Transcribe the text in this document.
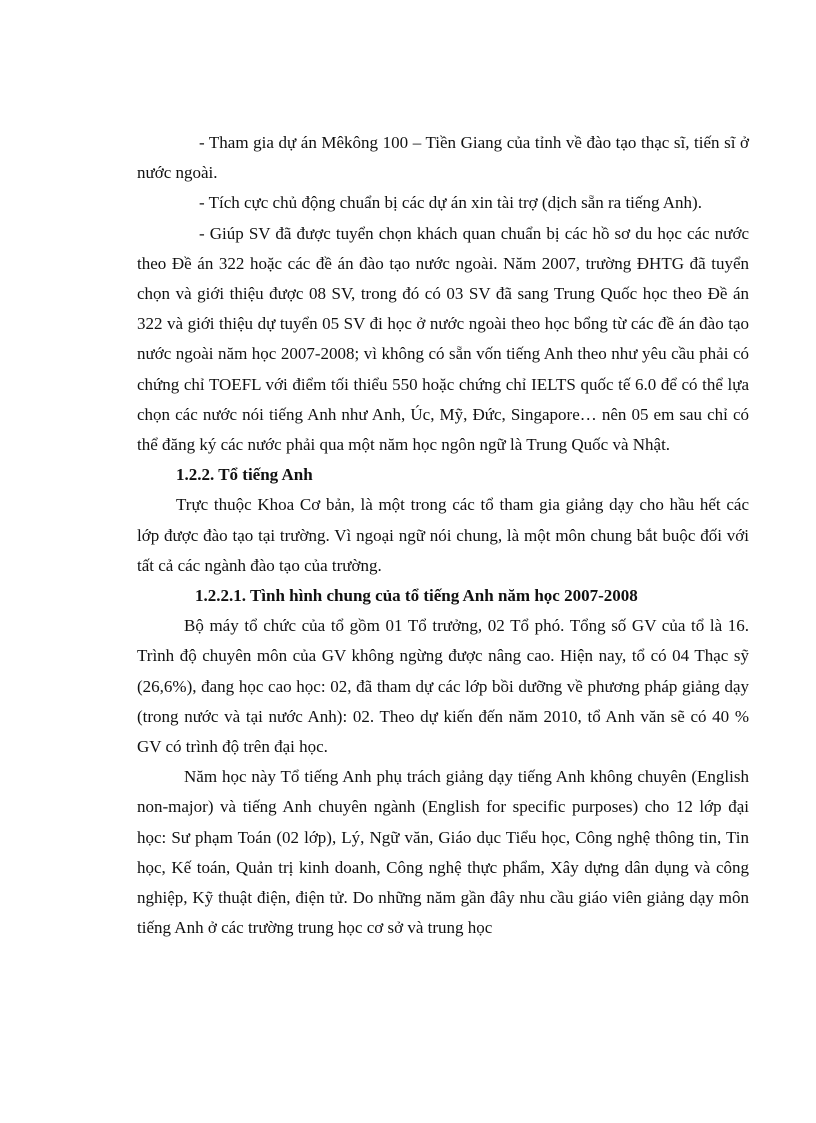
- Tham gia dự án Mêkông 100 – Tiền Giang của tỉnh về đào tạo thạc sĩ, tiến sĩ ở nước ngoài.

- Tích cực chủ động chuẩn bị các dự án xin tài trợ (dịch sẵn ra tiếng Anh).

- Giúp SV đã được tuyển chọn khách quan chuẩn bị các hồ sơ du học các nước theo Đề án 322 hoặc các đề án đào tạo nước ngoài. Năm 2007, trường ĐHTG đã tuyển chọn và giới thiệu được 08 SV, trong đó có 03 SV đã sang Trung Quốc học theo Đề án 322 và giới thiệu dự tuyển 05 SV đi học ở nước ngoài theo học bổng từ các đề án đào tạo nước ngoài năm học 2007-2008; vì không có sẵn vốn tiếng Anh theo như yêu cầu phải có chứng chỉ TOEFL với điểm tối thiểu 550 hoặc chứng chỉ IELTS quốc tế 6.0 để có thể lựa chọn các nước nói tiếng Anh như Anh, Úc, Mỹ, Đức, Singapore… nên 05 em sau chỉ có thể đăng ký các nước phải qua một năm học ngôn ngữ là Trung Quốc và Nhật.

1.2.2. Tổ tiếng Anh

Trực thuộc Khoa Cơ bản, là một trong các tổ tham gia giảng dạy cho hầu hết các lớp được đào tạo tại trường. Vì ngoại ngữ nói chung, là một môn chung bắt buộc đối với tất cả các ngành đào tạo của trường.

1.2.2.1. Tình hình chung của tổ tiếng Anh năm học 2007-2008

Bộ máy tổ chức của tổ gồm 01 Tổ trưởng, 02 Tổ phó. Tổng số GV của tổ là 16. Trình độ chuyên môn của GV không ngừng được nâng cao. Hiện nay, tổ có 04 Thạc sỹ (26,6%), đang học cao học: 02, đã tham dự các lớp bồi dưỡng về phương pháp giảng dạy (trong nước và tại nước Anh): 02. Theo dự kiến đến năm 2010, tổ Anh văn sẽ có 40 % GV có trình độ trên đại học.

Năm học này Tổ tiếng Anh phụ trách giảng dạy tiếng Anh không chuyên (English non-major) và tiếng Anh chuyên ngành (English for specific purposes) cho 12 lớp đại học: Sư phạm Toán (02 lớp), Lý, Ngữ văn, Giáo dục Tiểu học, Công nghệ thông tin, Tin học, Kế toán, Quản trị kinh doanh, Công nghệ thực phẩm, Xây dựng dân dụng và công nghiệp, Kỹ thuật điện, điện tử. Do những năm gần đây nhu cầu giáo viên giảng dạy môn tiếng Anh ở các trường trung học cơ sở và trung học
